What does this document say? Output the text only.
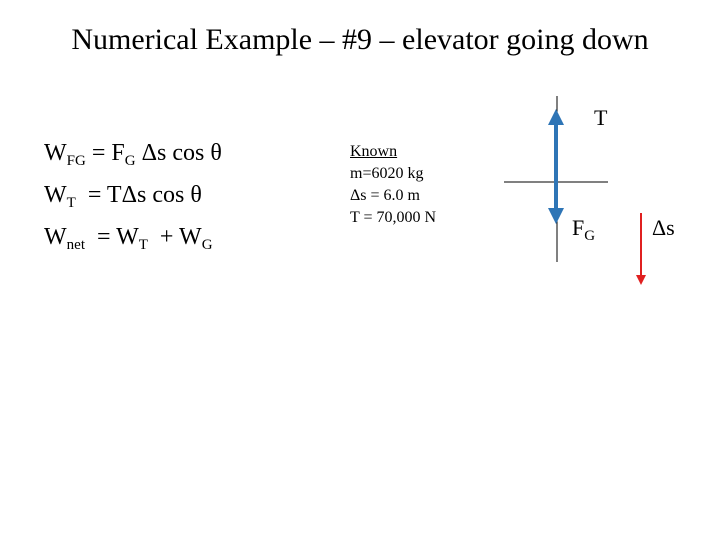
Numerical Example – #9 – elevator going down
$W_{FG} = F_G$ Δs cos θ
$W_T = T\Delta s$ cos θ
$W_{net} = W_T + W_G$
Known
m=6020 kg
Δs = 6.0 m
T = 70,000 N
T
$F_G$	Δs
